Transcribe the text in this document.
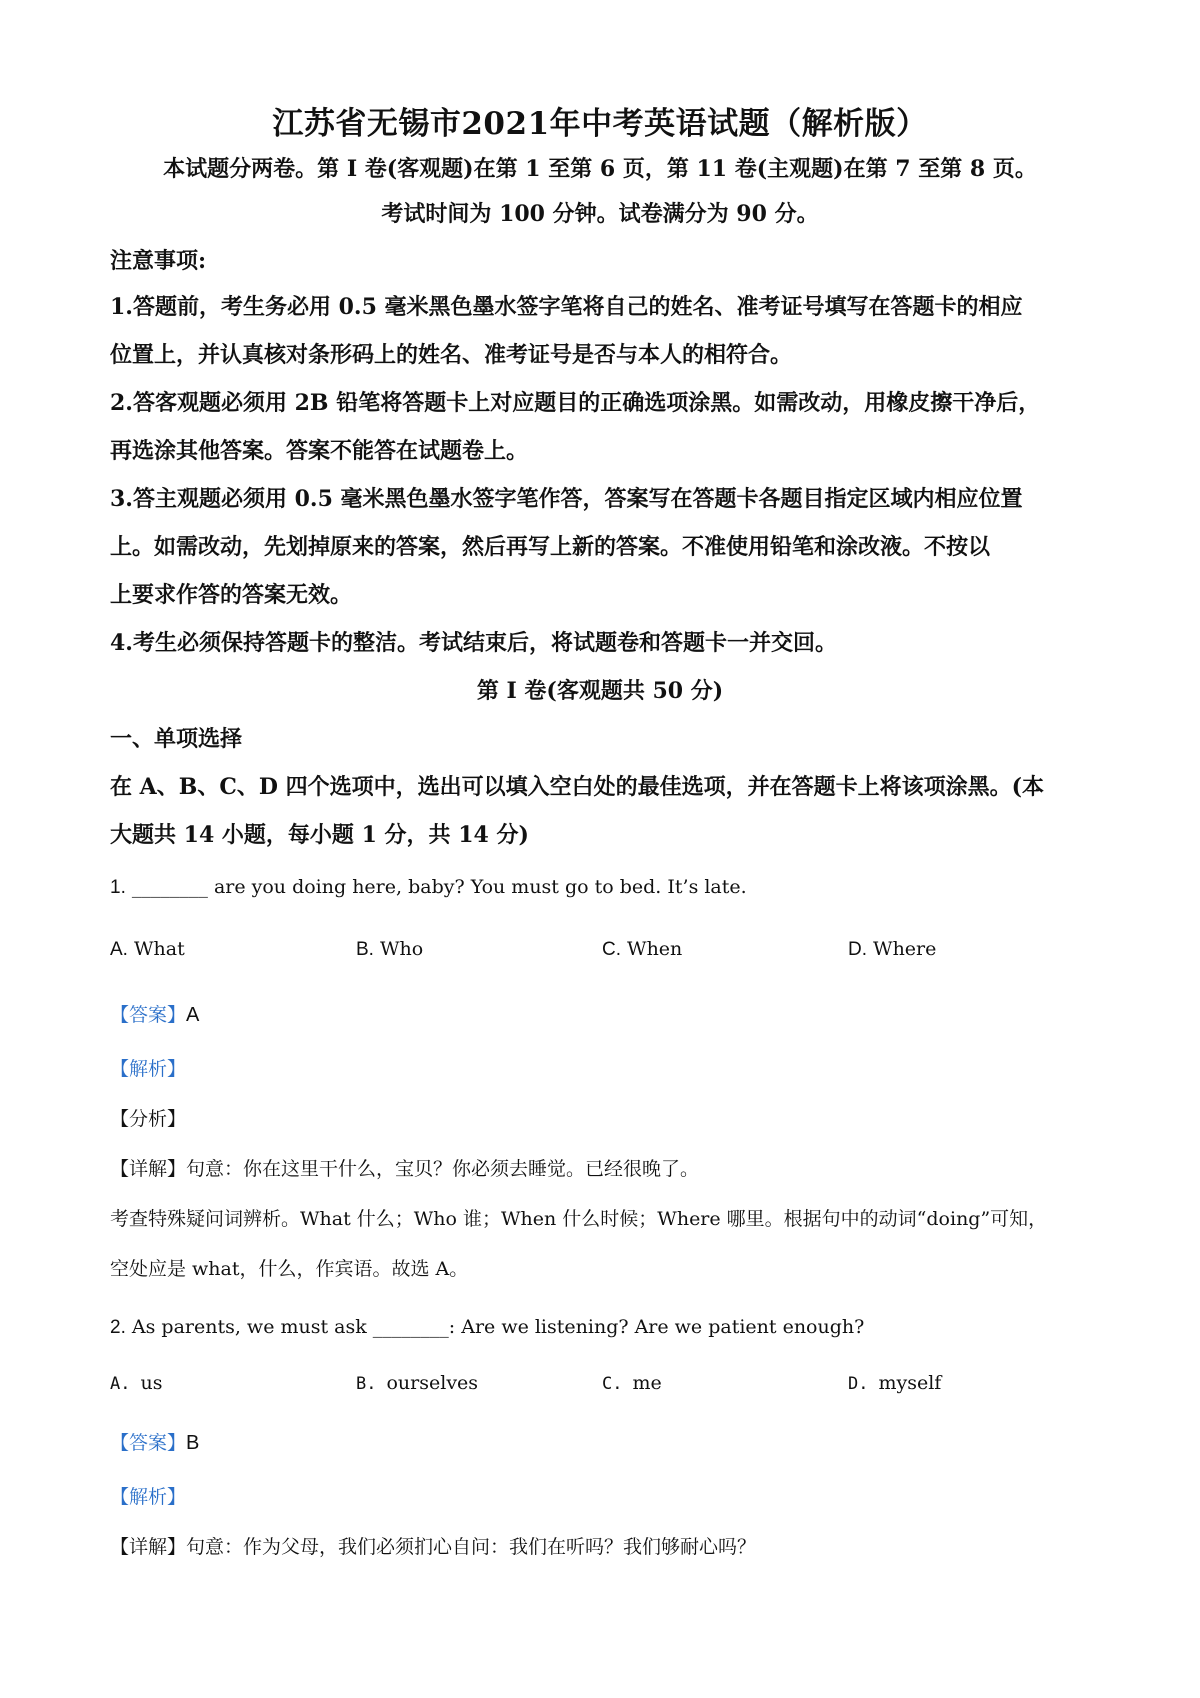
江苏省无锡市2021年中考英语试题（解析版）
本试题分两卷。第 I 卷(客观题)在第 1 至第 6 页，第 11 卷(主观题)在第 7 至第 8 页。
考试时间为 100 分钟。试卷满分为 90 分。
注意事项:
1.答题前，考生务必用 0.5 毫米黑色墨水签字笔将自己的姓名、准考证号填写在答题卡的相应
位置上，并认真核对条形码上的姓名、准考证号是否与本人的相符合。
2.答客观题必须用 2B 铅笔将答题卡上对应题目的正确选项涂黑。如需改动，用橡皮擦干净后，
再选涂其他答案。答案不能答在试题卷上。
3.答主观题必须用 0.5 毫米黑色墨水签字笔作答，答案写在答题卡各题目指定区域内相应位置
上。如需改动，先划掉原来的答案，然后再写上新的答案。不准使用铅笔和涂改液。不按以
上要求作答的答案无效。
4.考生必须保持答题卡的整洁。考试结束后，将试题卷和答题卡一并交回。
第 I 卷(客观题共 50 分)
一、单项选择
在 A、B、C、D 四个选项中，选出可以填入空白处的最佳选项，并在答题卡上将该项涂黑。(本
大题共 14 小题，每小题 1 分，共 14 分)
1. ________ are you doing here, baby? You must go to bed. It’s late.
A. What	B. Who	C. When	D. Where
【答案】A
【解析】
【分析】
【详解】句意：你在这里干什么，宝贝？你必须去睡觉。已经很晚了。
考查特殊疑问词辨析。What 什么；Who 谁；When 什么时候；Where 哪里。根据句中的动词“doing”可知，
空处应是 what，什么，作宾语。故选 A。
2. As parents, we must ask ________: Are we listening? Are we patient enough?
A. us	B. ourselves	C. me	D. myself
【答案】B
【解析】
【详解】句意：作为父母，我们必须扪心自问：我们在听吗？我们够耐心吗？
